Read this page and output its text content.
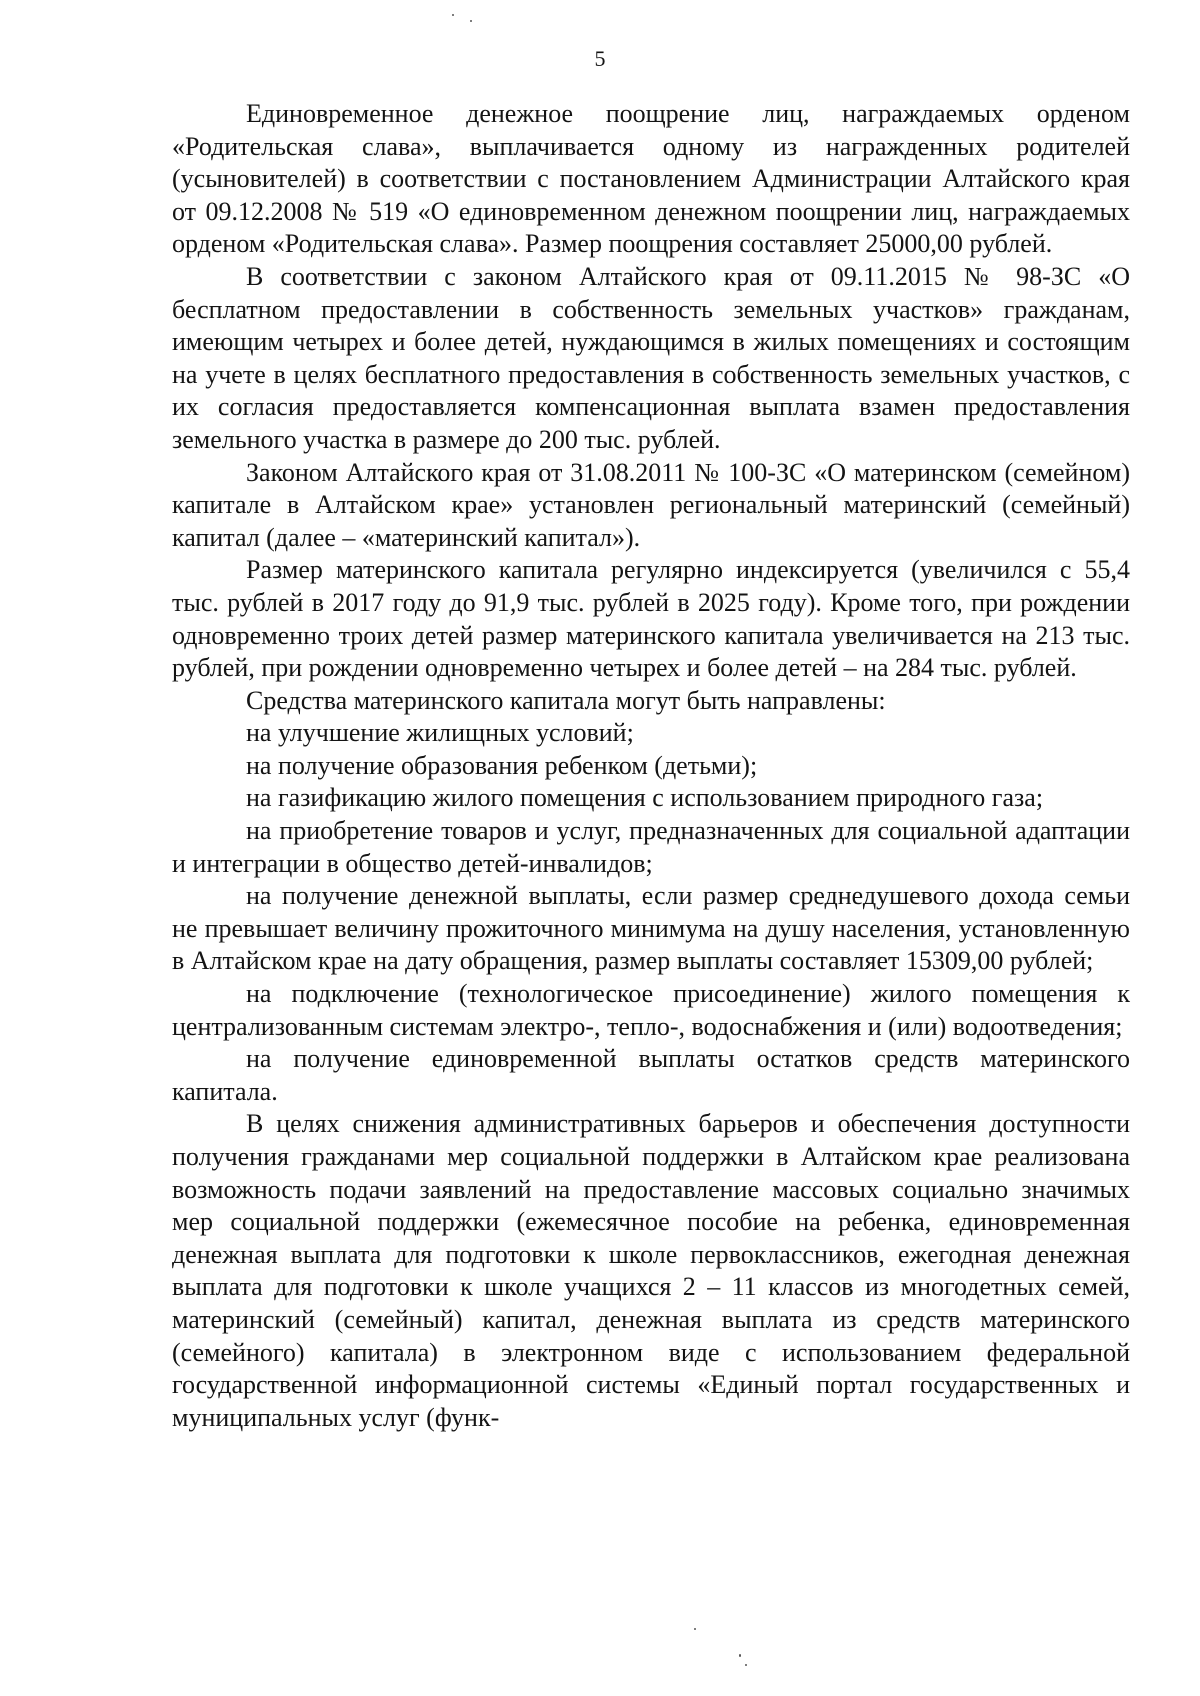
5

Единовременное денежное поощрение лиц, награждаемых орденом «Родительская слава», выплачивается одному из награжденных родителей (усыновителей) в соответствии с постановлением Администрации Алтайского края от 09.12.2008 № 519 «О единовременном денежном поощрении лиц, награждаемых орденом «Родительская слава». Размер поощрения составляет 25000,00 рублей.

В соответствии с законом Алтайского края от 09.11.2015 № 98-ЗС «О бесплатном предоставлении в собственность земельных участков» гражданам, имеющим четырех и более детей, нуждающимся в жилых помещениях и состоящим на учете в целях бесплатного предоставления в собственность земельных участков, с их согласия предоставляется компенсационная выплата взамен предоставления земельного участка в размере до 200 тыс. рублей.

Законом Алтайского края от 31.08.2011 № 100-ЗС «О материнском (семейном) капитале в Алтайском крае» установлен региональный материнский (семейный) капитал (далее – «материнский капитал»).

Размер материнского капитала регулярно индексируется (увеличился с 55,4 тыс. рублей в 2017 году до 91,9 тыс. рублей в 2025 году). Кроме того, при рождении одновременно троих детей размер материнского капитала увеличивается на 213 тыс. рублей, при рождении одновременно четырех и более детей – на 284 тыс. рублей.

Средства материнского капитала могут быть направлены:

на улучшение жилищных условий;

на получение образования ребенком (детьми);

на газификацию жилого помещения с использованием природного газа;

на приобретение товаров и услуг, предназначенных для социальной адаптации и интеграции в общество детей-инвалидов;

на получение денежной выплаты, если размер среднедушевого дохода семьи не превышает величину прожиточного минимума на душу населения, установленную в Алтайском крае на дату обращения, размер выплаты составляет 15309,00 рублей;

на подключение (технологическое присоединение) жилого помещения к централизованным системам электро-, тепло-, водоснабжения и (или) водоотведения;

на получение единовременной выплаты остатков средств материнского капитала.

В целях снижения административных барьеров и обеспечения доступности получения гражданами мер социальной поддержки в Алтайском крае реализована возможность подачи заявлений на предоставление массовых социально значимых мер социальной поддержки (ежемесячное пособие на ребенка, единовременная денежная выплата для подготовки к школе первоклассников, ежегодная денежная выплата для подготовки к школе учащихся 2 – 11 классов из многодетных семей, материнский (семейный) капитал, денежная выплата из средств материнского (семейного) капитала) в электронном виде с использованием федеральной государственной информационной системы «Единый портал государственных и муниципальных услуг (функ-
